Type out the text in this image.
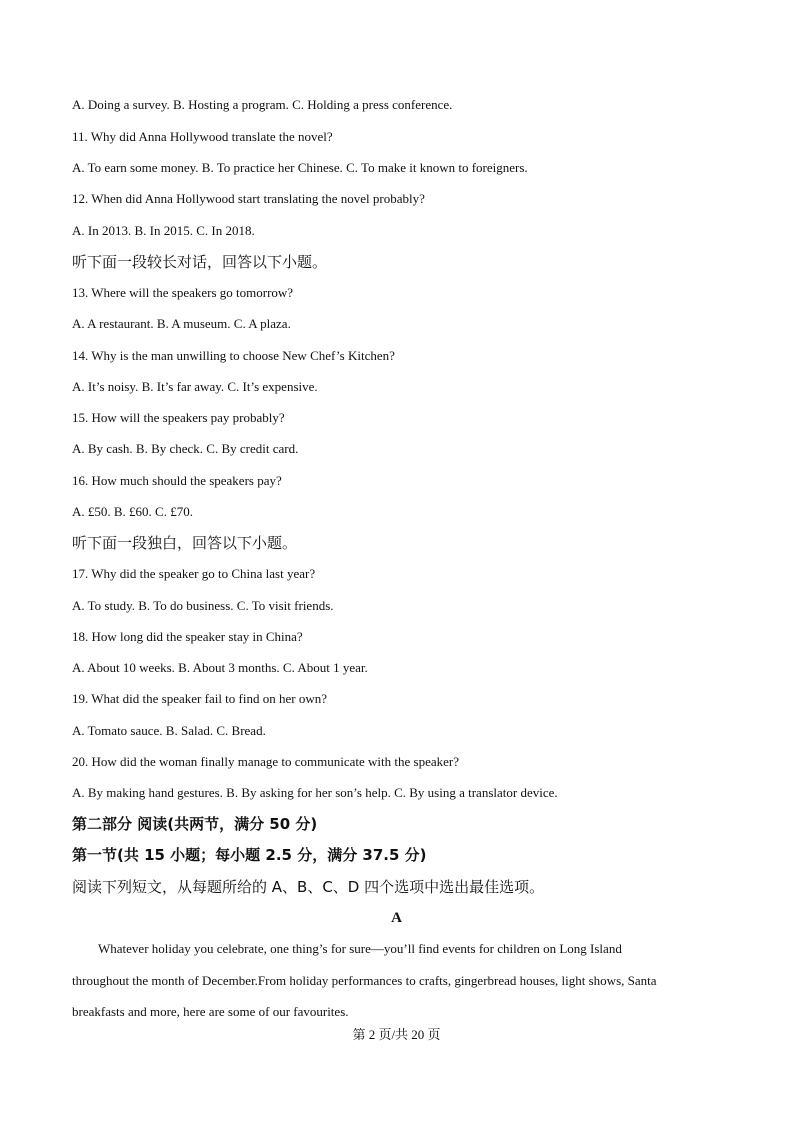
A. Doing a survey. B. Hosting a program. C. Holding a press conference.
11. Why did Anna Hollywood translate the novel?
A. To earn some money. B. To practice her Chinese. C. To make it known to foreigners.
12. When did Anna Hollywood start translating the novel probably?
A. In 2013. B. In 2015. C. In 2018.
听下面一段较长对话，回答以下小题。
13. Where will the speakers go tomorrow?
A. A restaurant. B. A museum. C. A plaza.
14. Why is the man unwilling to choose New Chef’s Kitchen?
A. It’s noisy. B. It’s far away. C. It’s expensive.
15. How will the speakers pay probably?
A. By cash. B. By check. C. By credit card.
16. How much should the speakers pay?
A. £50. B. £60. C. £70.
听下面一段独白，回答以下小题。
17. Why did the speaker go to China last year?
A. To study. B. To do business. C. To visit friends.
18. How long did the speaker stay in China?
A. About 10 weeks. B. About 3 months. C. About 1 year.
19. What did the speaker fail to find on her own?
A. Tomato sauce. B. Salad. C. Bread.
20. How did the woman finally manage to communicate with the speaker?
A. By making hand gestures. B. By asking for her son’s help. C. By using a translator device.
第二部分 阅读(共两节，满分 50 分)
第一节(共 15 小题；每小题 2.5 分，满分 37.5 分)
阅读下列短文，从每题所给的 A、B、C、D 四个选项中选出最佳选项。
A
Whatever holiday you celebrate, one thing’s for sure—you’ll find events for children on Long Island
throughout the month of December.From holiday performances to crafts, gingerbread houses, light shows, Santa
breakfasts and more, here are some of our favourites.
第 2 页/共 20 页
